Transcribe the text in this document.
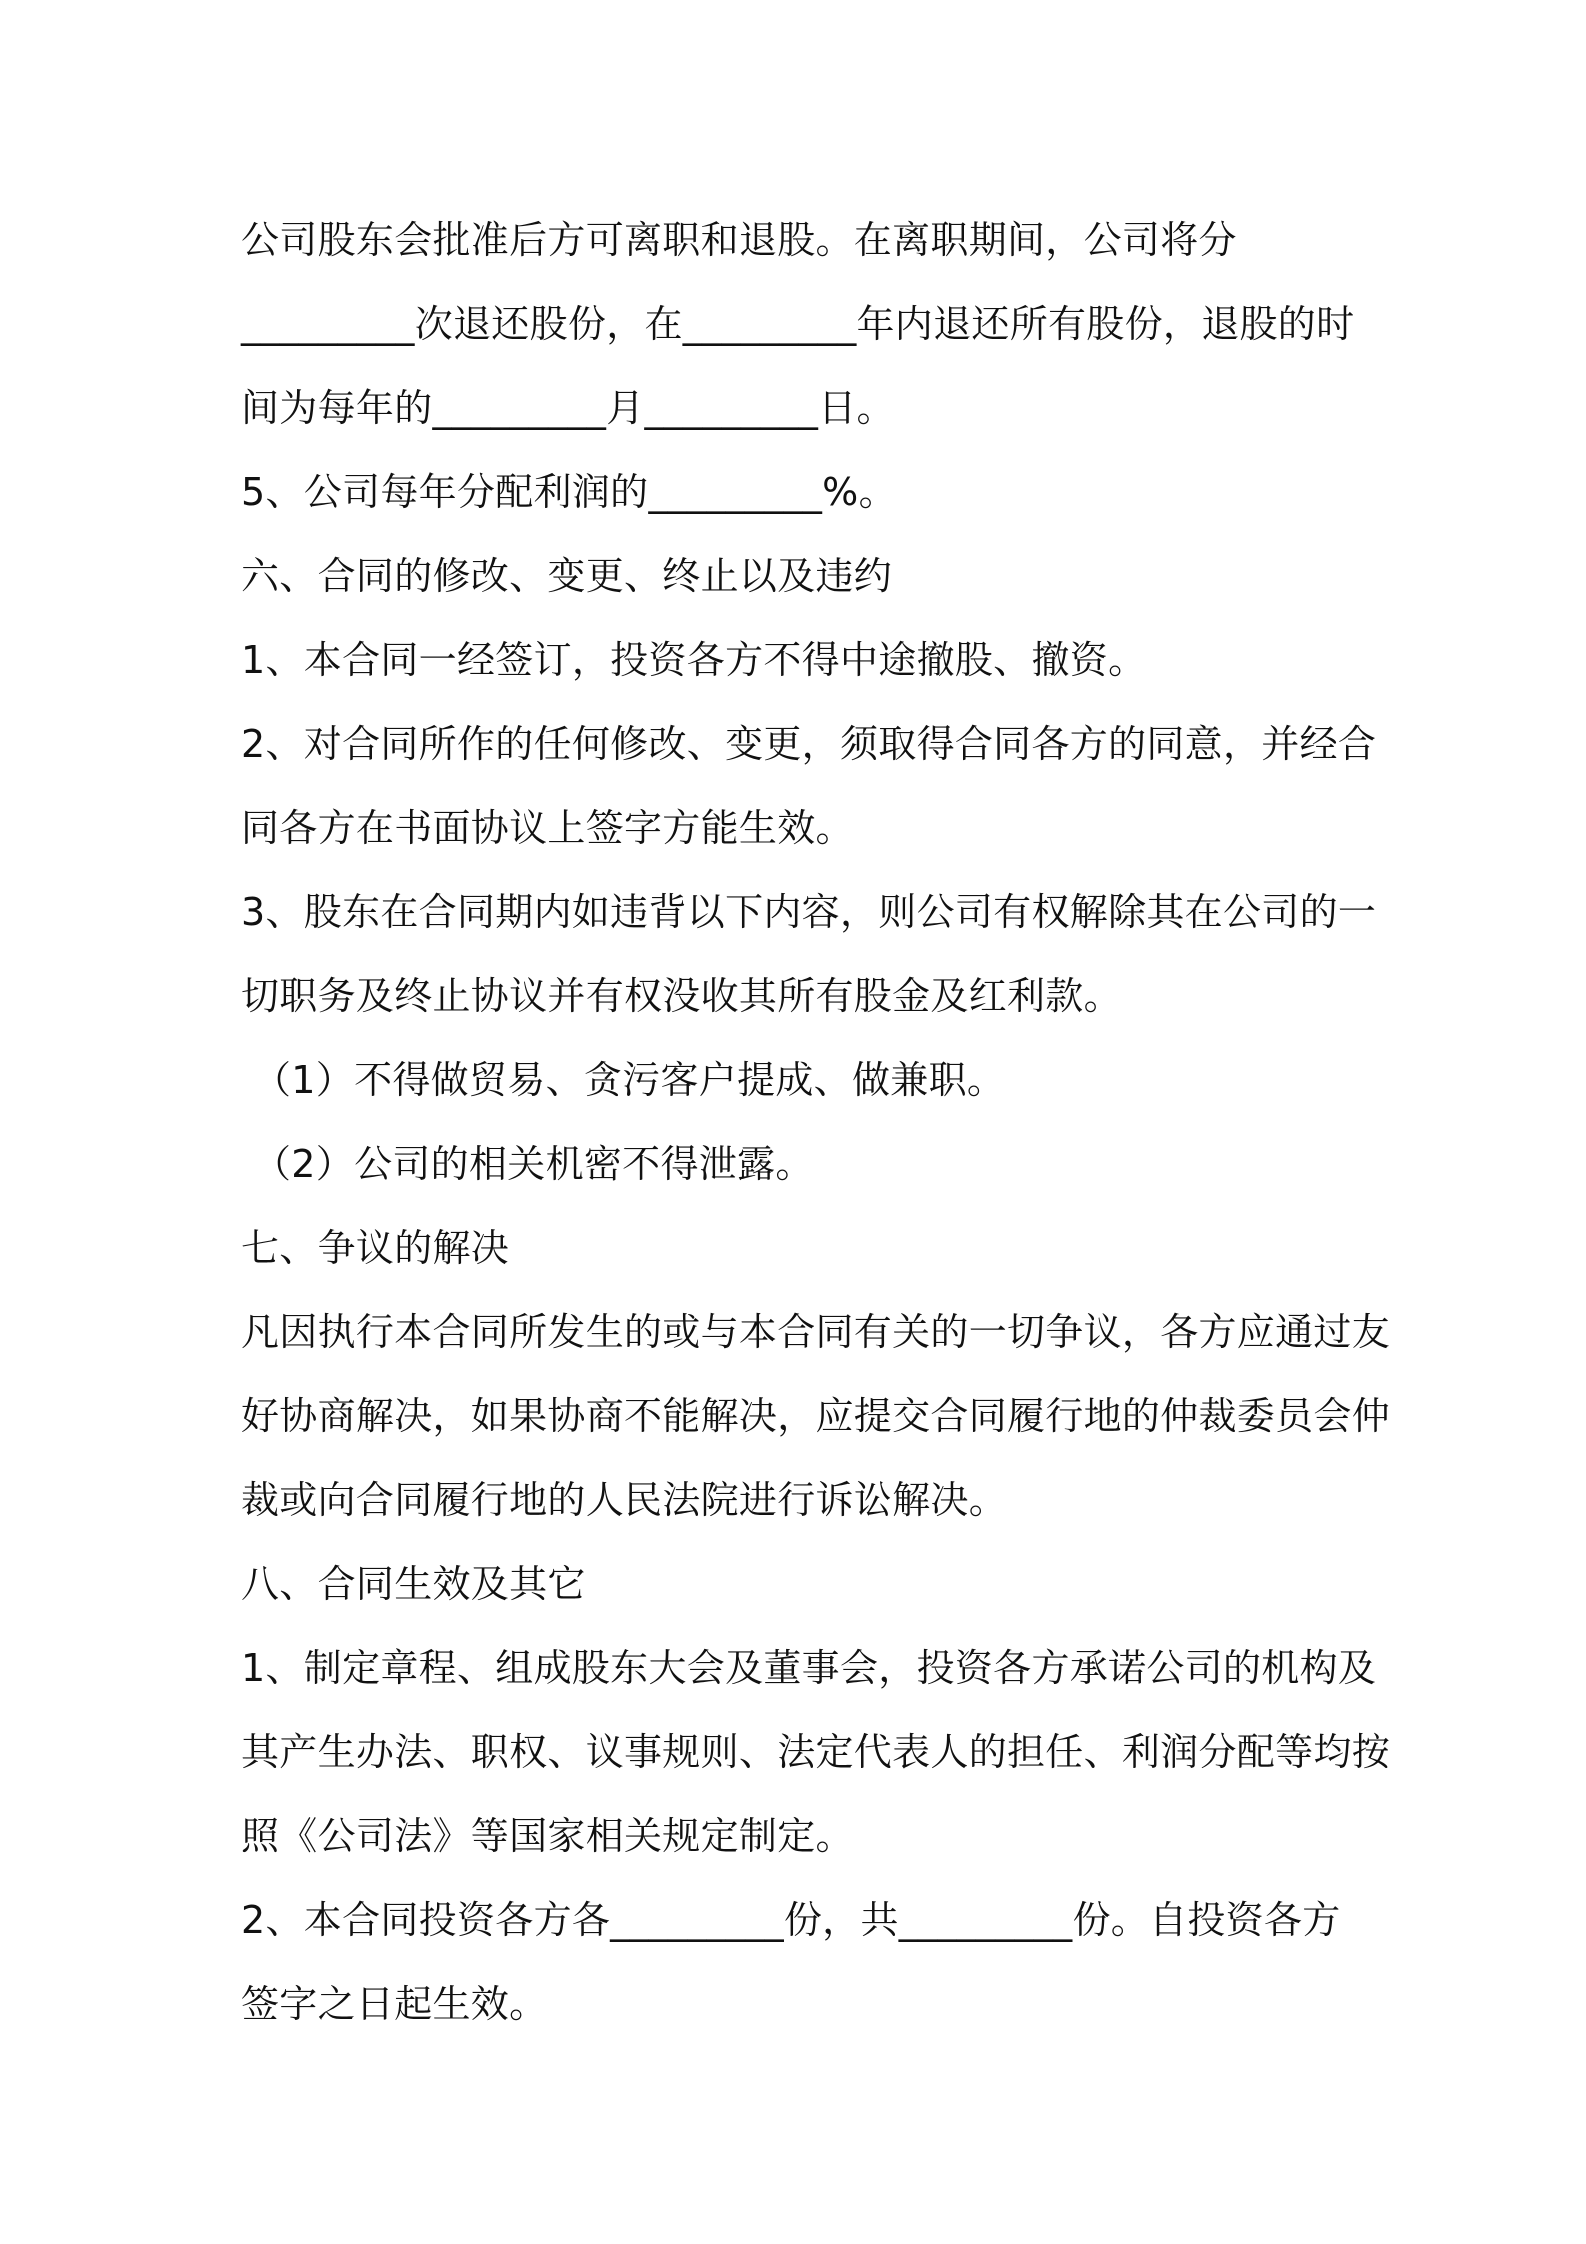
公司股东会批准后方可离职和退股。在离职期间，公司将分
_________次退还股份，在_________年内退还所有股份，退股的时
间为每年的_________月_________日。
5、公司每年分配利润的_________%。
六、合同的修改、变更、终止以及违约
1、本合同一经签订，投资各方不得中途撤股、撤资。
2、对合同所作的任何修改、变更，须取得合同各方的同意，并经合
同各方在书面协议上签字方能生效。
3、股东在合同期内如违背以下内容，则公司有权解除其在公司的一
切职务及终止协议并有权没收其所有股金及红利款。
（1）不得做贸易、贪污客户提成、做兼职。
（2）公司的相关机密不得泄露。
七、争议的解决
凡因执行本合同所发生的或与本合同有关的一切争议，各方应通过友
好协商解决，如果协商不能解决，应提交合同履行地的仲裁委员会仲
裁或向合同履行地的人民法院进行诉讼解决。
八、合同生效及其它
1、制定章程、组成股东大会及董事会，投资各方承诺公司的机构及
其产生办法、职权、议事规则、法定代表人的担任、利润分配等均按
照《公司法》等国家相关规定制定。
2、本合同投资各方各_________份，共_________份。自投资各方
签字之日起生效。
